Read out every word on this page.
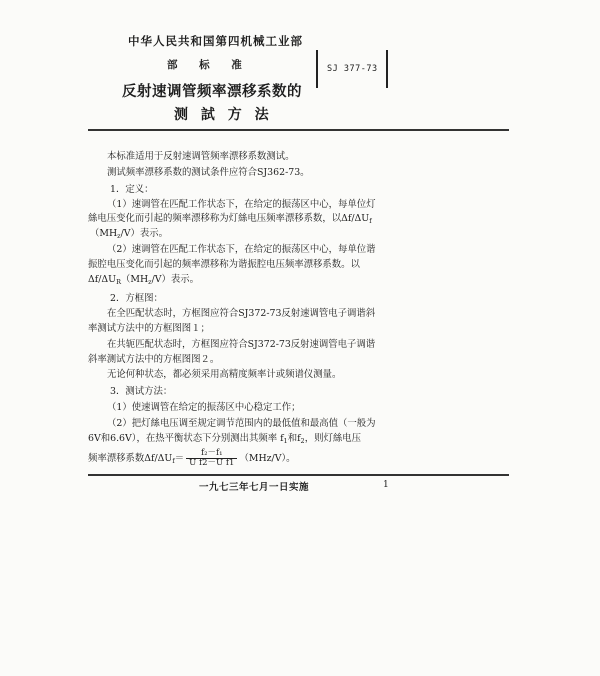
中华人民共和国第四机械工业部
部 标 准	SJ 377-73
反射速调管频率漂移系数的
测 試 方 法
本标准适用于反射速调管频率漂移系数测试。
测试频率漂移系数的测试条件应符合SJ362-73。
1．定义：
（1）速调管在匹配工作状态下，在给定的振荡区中心，每单位灯
絲电压变化而引起的频率漂移称为灯絲电压频率漂移系数，以$\Delta f/\Delta U_f$
$(MH_z/V)$表示。
（2）速调管在匹配工作状态下，在给定的振荡区中心，每单位谐
振腔电压变化而引起的频率漂移称为谐振腔电压频率漂移系数。以
$\Delta f/\Delta U_R(MH_z/V)$表示。
2．方框图：
在全匹配状态时，方框图应符合SJ372-73反射速调管电子调谐斜
率测试方法中的方框图图１；
在共轭匹配状态时，方框图应符合SJ372-73反射速调管电子调谐
斜率测试方法中的方框图图２。
无论何种状态，都必须采用高精度频率计或频谱仪测量。
3．测试方法：
（1）使速调管在给定的振荡区中心稳定工作；
（2）把灯絲电压调至规定调节范围内的最低值和最高值（一般为
6V和6.6V），在热平衡状态下分别测出其频率 $f_1$和$f_2$，则灯絲电压
频率漂移系数$\Delta f/\Delta U_f= \frac{\text{f₂－f₁}}{\text{U f2－U f1}} (MHz/V)$。
一九七三年七月一日实施	1
